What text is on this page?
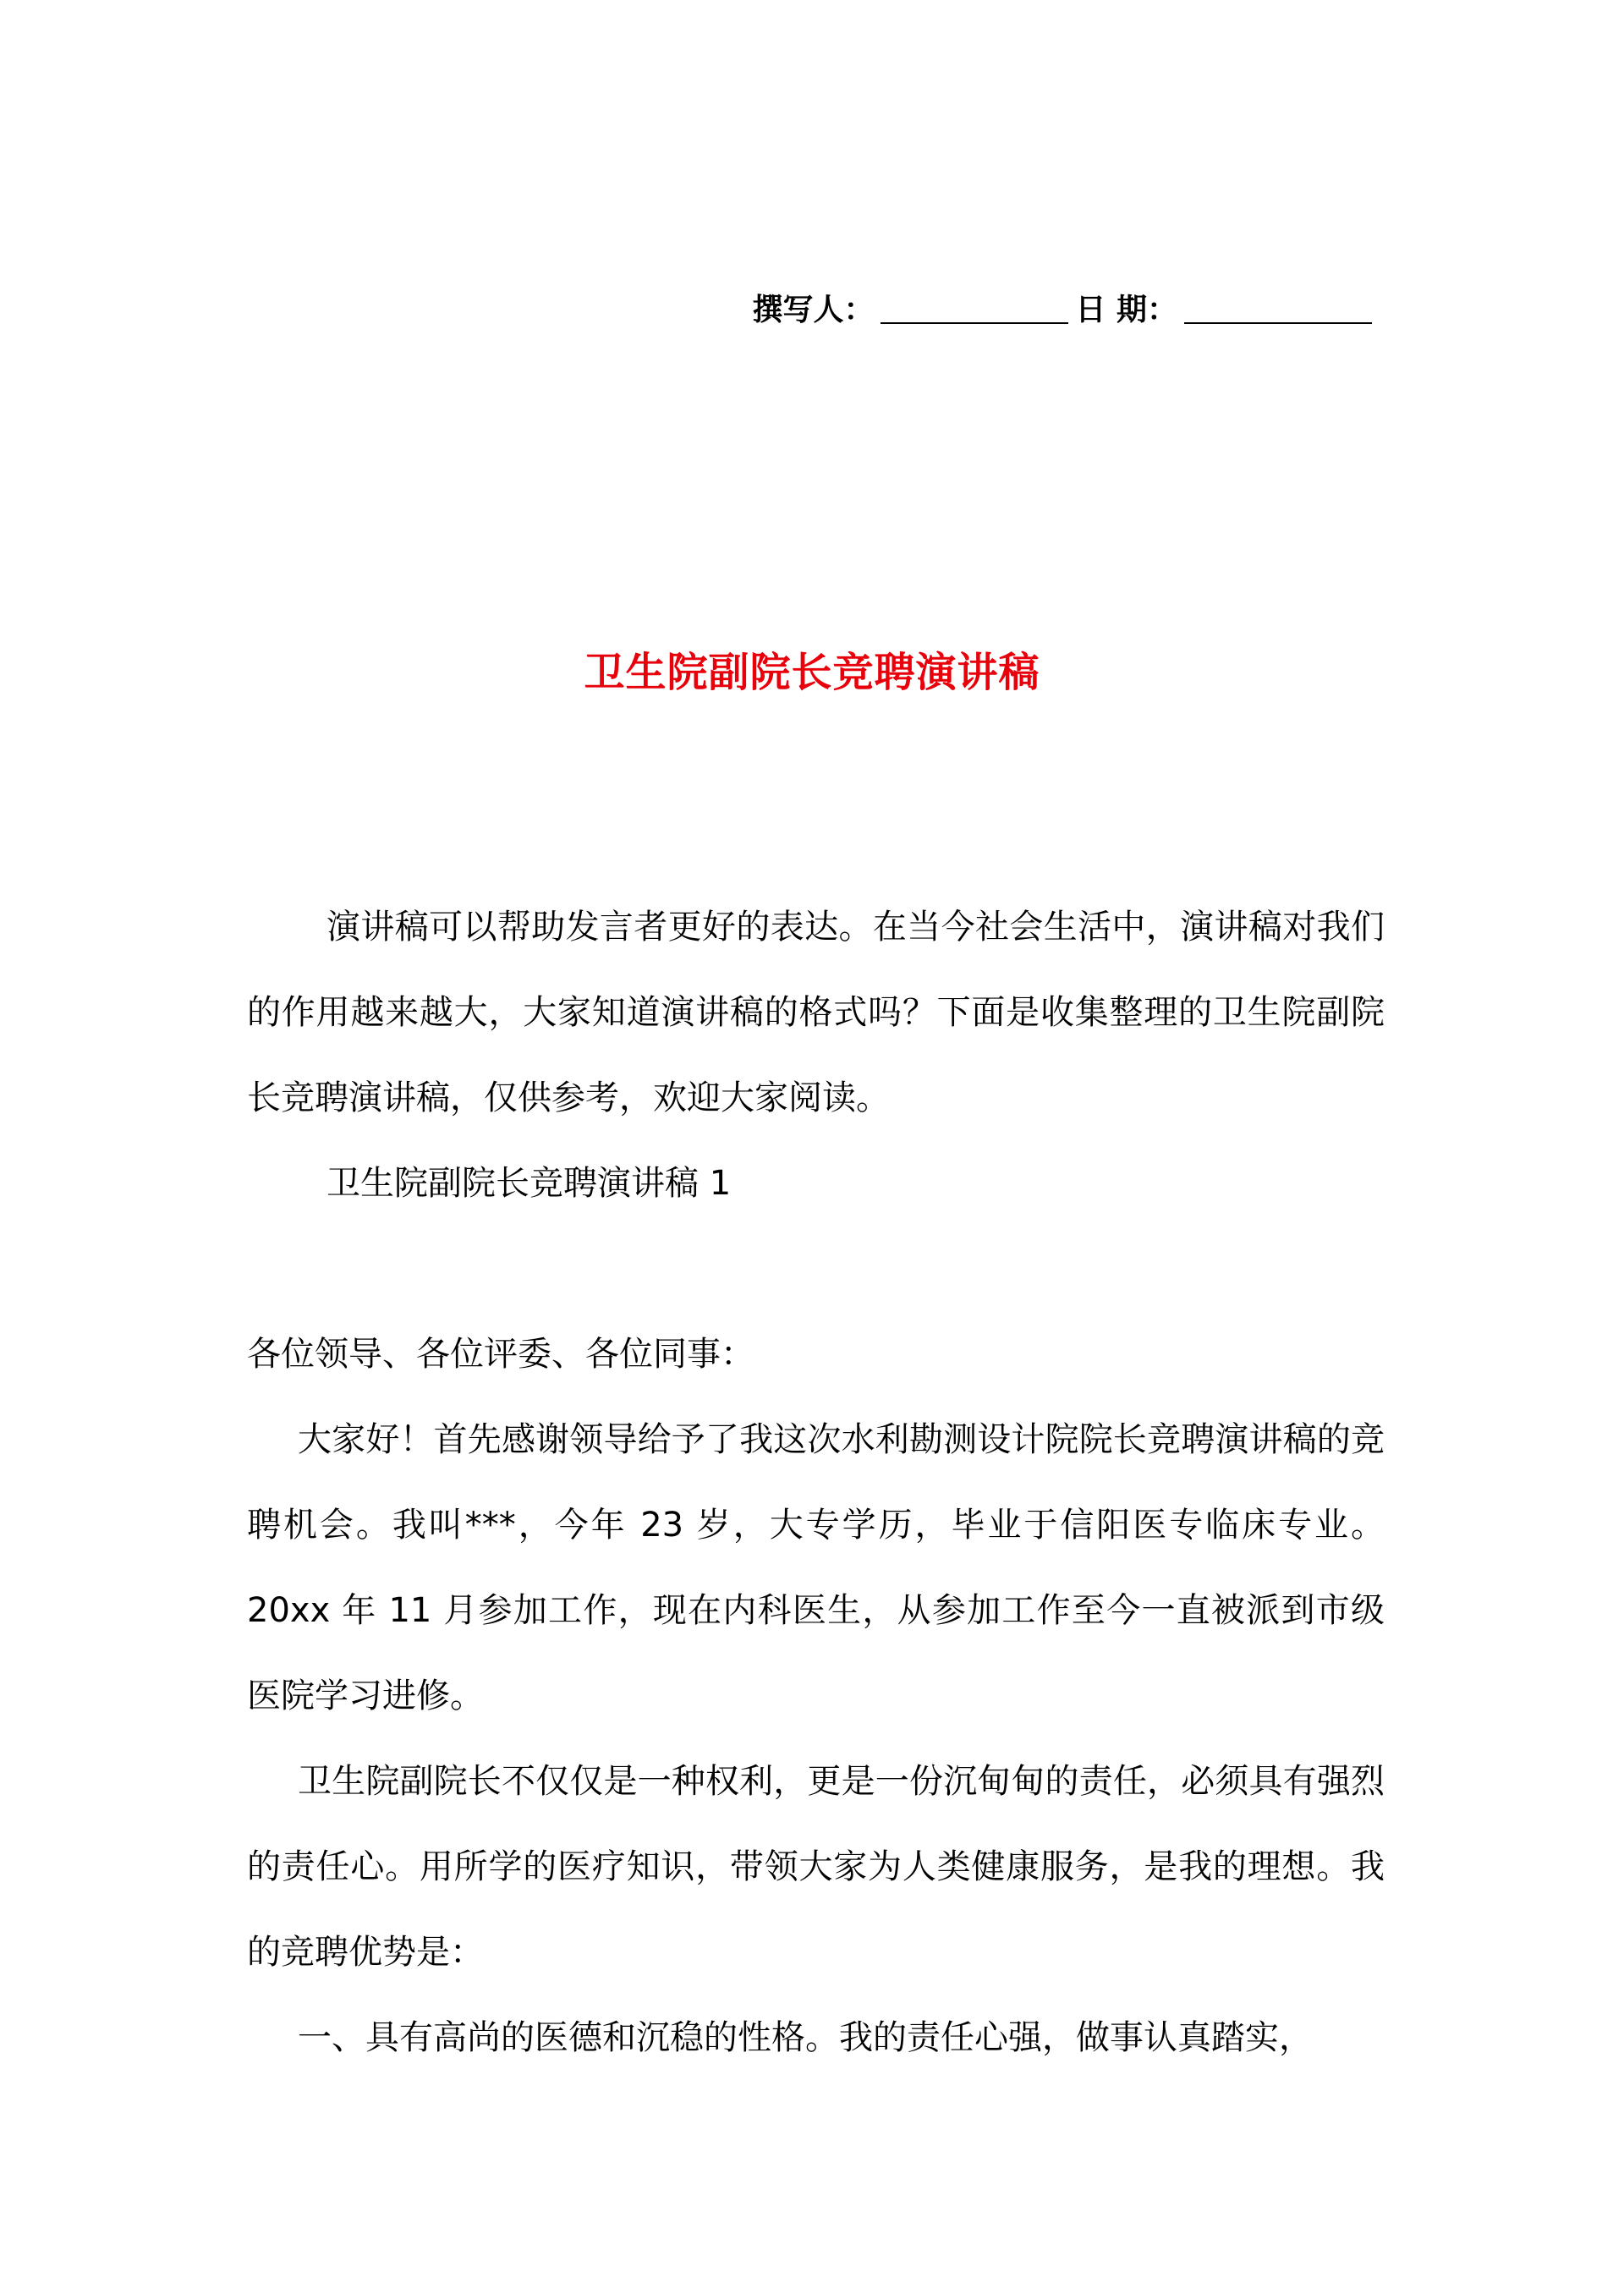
撰写人：	日 期：
卫生院副院长竞聘演讲稿

演讲稿可以帮助发言者更好的表达。在当今社会生活中，演讲稿对我们的作用越来越大，大家知道演讲稿的格式吗？下面是收集整理的卫生院副院长竞聘演讲稿，仅供参考，欢迎大家阅读。

卫生院副院长竞聘演讲稿 1

各位领导、各位评委、各位同事：

大家好！首先感谢领导给予了我这次水利勘测设计院院长竞聘演讲稿的竞聘机会。我叫***，今年 23 岁，大专学历，毕业于信阳医专临床专业。20xx 年 11 月参加工作，现在内科医生，从参加工作至今一直被派到市级医院学习进修。

卫生院副院长不仅仅是一种权利，更是一份沉甸甸的责任，必须具有强烈的责任心。用所学的医疗知识，带领大家为人类健康服务，是我的理想。我的竞聘优势是：

一、具有高尚的医德和沉稳的性格。我的责任心强，做事认真踏实，
